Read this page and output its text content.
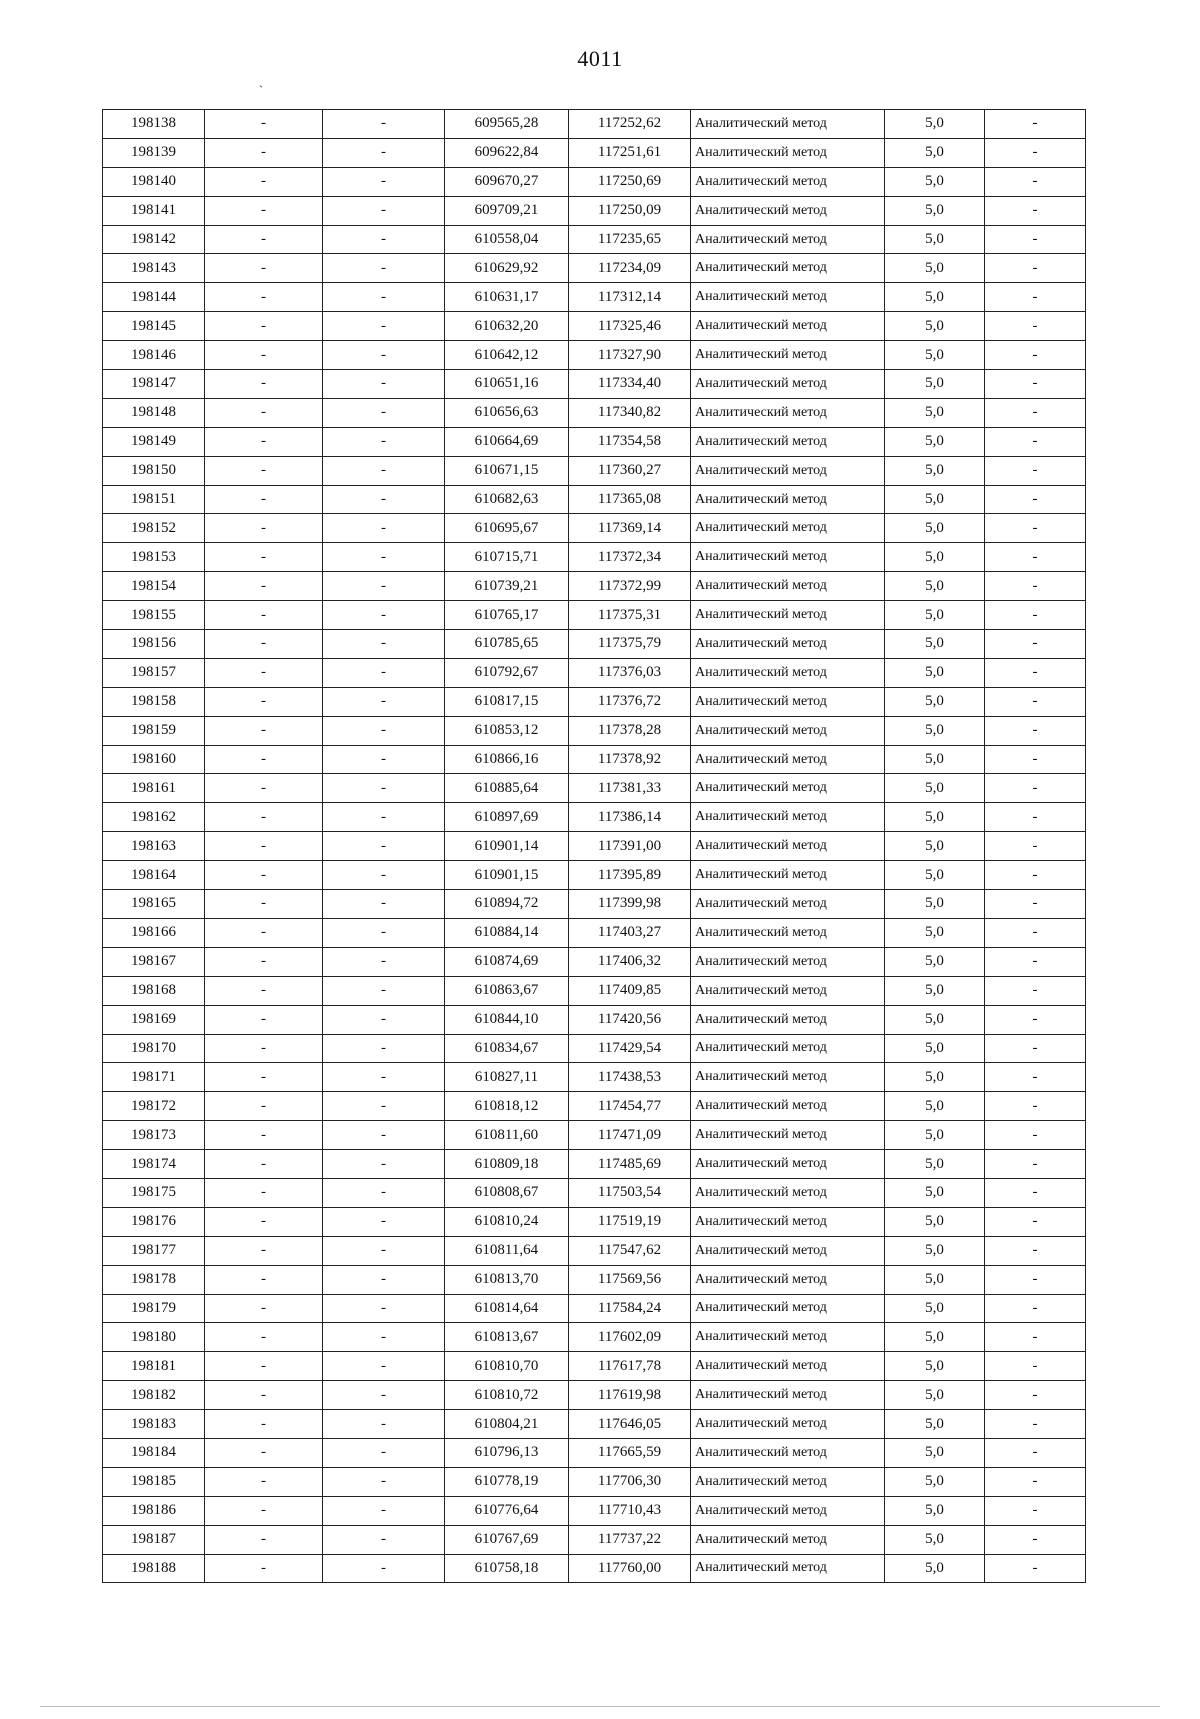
4011
`
198138	-	-	609565,28	117252,62	Аналитический метод	5,0	-
198139	-	-	609622,84	117251,61	Аналитический метод	5,0	-
198140	-	-	609670,27	117250,69	Аналитический метод	5,0	-
198141	-	-	609709,21	117250,09	Аналитический метод	5,0	-
198142	-	-	610558,04	117235,65	Аналитический метод	5,0	-
198143	-	-	610629,92	117234,09	Аналитический метод	5,0	-
198144	-	-	610631,17	117312,14	Аналитический метод	5,0	-
198145	-	-	610632,20	117325,46	Аналитический метод	5,0	-
198146	-	-	610642,12	117327,90	Аналитический метод	5,0	-
198147	-	-	610651,16	117334,40	Аналитический метод	5,0	-
198148	-	-	610656,63	117340,82	Аналитический метод	5,0	-
198149	-	-	610664,69	117354,58	Аналитический метод	5,0	-
198150	-	-	610671,15	117360,27	Аналитический метод	5,0	-
198151	-	-	610682,63	117365,08	Аналитический метод	5,0	-
198152	-	-	610695,67	117369,14	Аналитический метод	5,0	-
198153	-	-	610715,71	117372,34	Аналитический метод	5,0	-
198154	-	-	610739,21	117372,99	Аналитический метод	5,0	-
198155	-	-	610765,17	117375,31	Аналитический метод	5,0	-
198156	-	-	610785,65	117375,79	Аналитический метод	5,0	-
198157	-	-	610792,67	117376,03	Аналитический метод	5,0	-
198158	-	-	610817,15	117376,72	Аналитический метод	5,0	-
198159	-	-	610853,12	117378,28	Аналитический метод	5,0	-
198160	-	-	610866,16	117378,92	Аналитический метод	5,0	-
198161	-	-	610885,64	117381,33	Аналитический метод	5,0	-
198162	-	-	610897,69	117386,14	Аналитический метод	5,0	-
198163	-	-	610901,14	117391,00	Аналитический метод	5,0	-
198164	-	-	610901,15	117395,89	Аналитический метод	5,0	-
198165	-	-	610894,72	117399,98	Аналитический метод	5,0	-
198166	-	-	610884,14	117403,27	Аналитический метод	5,0	-
198167	-	-	610874,69	117406,32	Аналитический метод	5,0	-
198168	-	-	610863,67	117409,85	Аналитический метод	5,0	-
198169	-	-	610844,10	117420,56	Аналитический метод	5,0	-
198170	-	-	610834,67	117429,54	Аналитический метод	5,0	-
198171	-	-	610827,11	117438,53	Аналитический метод	5,0	-
198172	-	-	610818,12	117454,77	Аналитический метод	5,0	-
198173	-	-	610811,60	117471,09	Аналитический метод	5,0	-
198174	-	-	610809,18	117485,69	Аналитический метод	5,0	-
198175	-	-	610808,67	117503,54	Аналитический метод	5,0	-
198176	-	-	610810,24	117519,19	Аналитический метод	5,0	-
198177	-	-	610811,64	117547,62	Аналитический метод	5,0	-
198178	-	-	610813,70	117569,56	Аналитический метод	5,0	-
198179	-	-	610814,64	117584,24	Аналитический метод	5,0	-
198180	-	-	610813,67	117602,09	Аналитический метод	5,0	-
198181	-	-	610810,70	117617,78	Аналитический метод	5,0	-
198182	-	-	610810,72	117619,98	Аналитический метод	5,0	-
198183	-	-	610804,21	117646,05	Аналитический метод	5,0	-
198184	-	-	610796,13	117665,59	Аналитический метод	5,0	-
198185	-	-	610778,19	117706,30	Аналитический метод	5,0	-
198186	-	-	610776,64	117710,43	Аналитический метод	5,0	-
198187	-	-	610767,69	117737,22	Аналитический метод	5,0	-
198188	-	-	610758,18	117760,00	Аналитический метод	5,0	-
